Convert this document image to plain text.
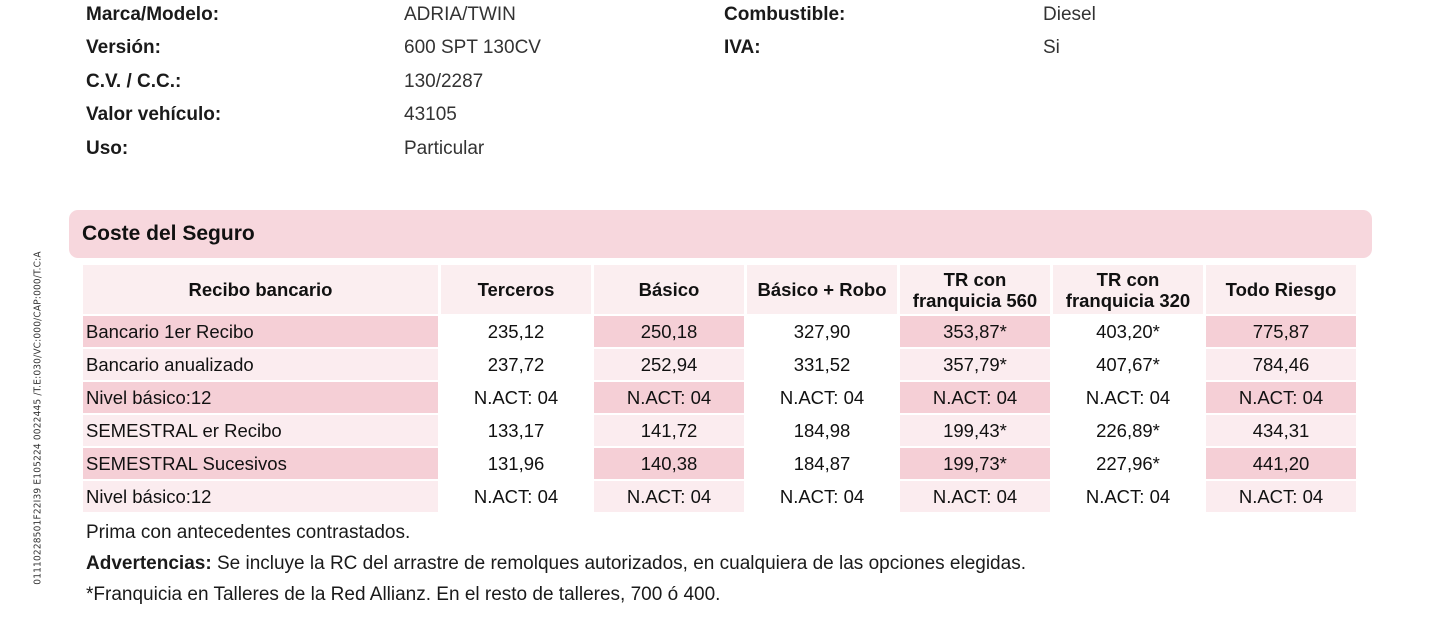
01110228501F22I39 E105224 0022445 /T.E:030/VC:000/CAP:000/T.C:A
Marca/Modelo:	ADRIA/TWIN
Versión:	600 SPT 130CV
C.V. / C.C.:	130/2287
Valor vehículo:	43105
Uso:	Particular
Combustible:	Diesel
IVA:	Si
Coste del Seguro
Recibo bancario	Terceros	Básico	Básico + Robo	TR con franquicia 560	TR con franquicia 320	Todo Riesgo
Bancario 1er Recibo	235,12	250,18	327,90	353,87*	403,20*	775,87
Bancario anualizado	237,72	252,94	331,52	357,79*	407,67*	784,46
Nivel básico:12	N.ACT: 04	N.ACT: 04	N.ACT: 04	N.ACT: 04	N.ACT: 04	N.ACT: 04
SEMESTRAL er Recibo	133,17	141,72	184,98	199,43*	226,89*	434,31
SEMESTRAL Sucesivos	131,96	140,38	184,87	199,73*	227,96*	441,20
Nivel básico:12	N.ACT: 04	N.ACT: 04	N.ACT: 04	N.ACT: 04	N.ACT: 04	N.ACT: 04
Prima con antecedentes contrastados.
Advertencias: Se incluye la RC del arrastre de remolques autorizados, en cualquiera de las opciones elegidas.
*Franquicia en Talleres de la Red Allianz. En el resto de talleres, 700 ó 400.
